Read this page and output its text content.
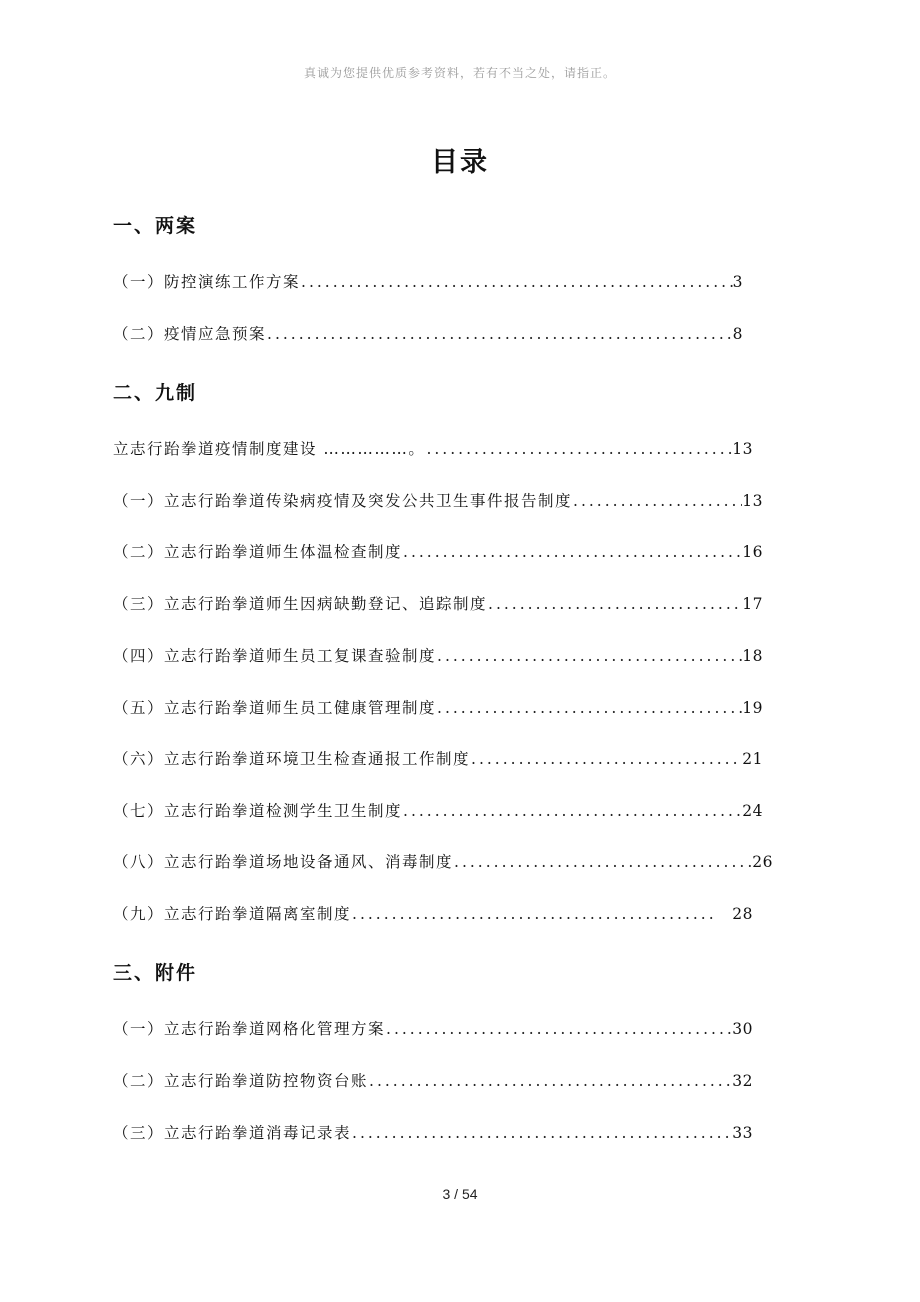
真诚为您提供优质参考资料，若有不当之处，请指正。
目录
一、两案
（一）防控演练工作方案 .....	3
（二）疫情应急预案 .....	8
二、九制
立志行跆拳道疫情制度建设 ……………。 .....	13
（一）立志行跆拳道传染病疫情及突发公共卫生事件报告制度 .....	13
（二）立志行跆拳道师生体温检查制度 .....	16
（三）立志行跆拳道师生因病缺勤登记、追踪制度 .....	17
（四）立志行跆拳道师生员工复课查验制度 .....	18
（五）立志行跆拳道师生员工健康管理制度 .....	19
（六）立志行跆拳道环境卫生检查通报工作制度 .....	21
（七）立志行跆拳道检测学生卫生制度 .....	24
（八）立志行跆拳道场地设备通风、消毒制度 .....	26
（九）立志行跆拳道隔离室制度 .....	28
三、附件
（一）立志行跆拳道网格化管理方案 .....	30
（二）立志行跆拳道防控物资台账 .....	32
（三）立志行跆拳道消毒记录表 .....	33
3 / 54
